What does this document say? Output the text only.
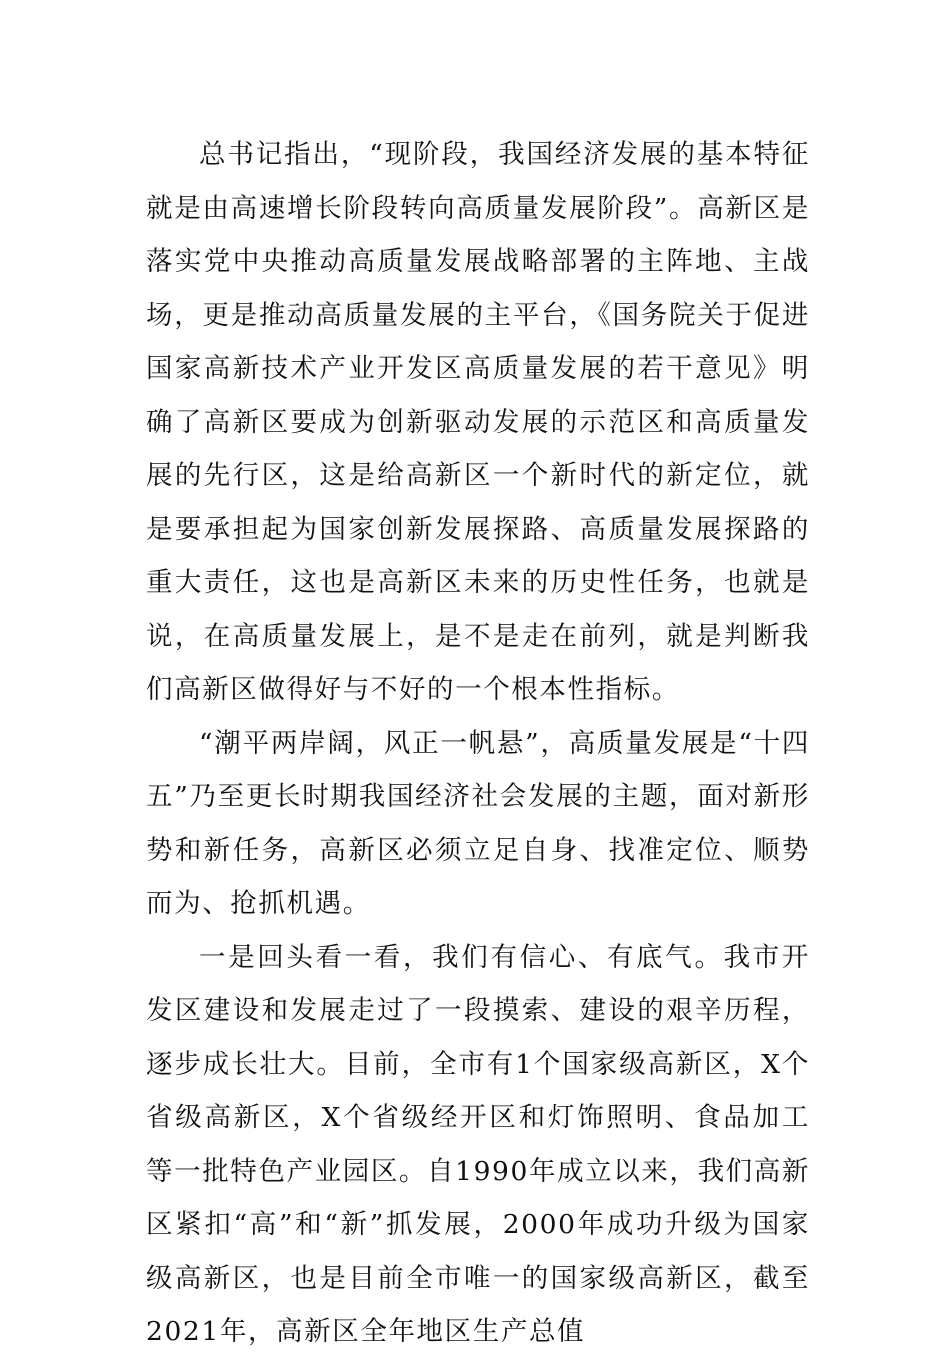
总书记指出，“现阶段，我国经济发展的基本特征就是由高速增长阶段转向高质量发展阶段”。高新区是落实党中央推动高质量发展战略部署的主阵地、主战场，更是推动高质量发展的主平台，《国务院关于促进国家高新技术产业开发区高质量发展的若干意见》明确了高新区要成为创新驱动发展的示范区和高质量发展的先行区，这是给高新区一个新时代的新定位，就是要承担起为国家创新发展探路、高质量发展探路的重大责任，这也是高新区未来的历史性任务，也就是说，在高质量发展上，是不是走在前列，就是判断我们高新区做得好与不好的一个根本性指标。

“潮平两岸阔，风正一帆悬”，高质量发展是“十四五”乃至更长时期我国经济社会发展的主题，面对新形势和新任务，高新区必须立足自身、找准定位、顺势而为、抢抓机遇。

一是回头看一看，我们有信心、有底气。我市开发区建设和发展走过了一段摸索、建设的艰辛历程，逐步成长壮大。目前，全市有1个国家级高新区，X个省级高新区，X个省级经开区和灯饰照明、食品加工等一批特色产业园区。自1990年成立以来，我们高新区紧扣“高”和“新”抓发展，2000年成功升级为国家级高新区，也是目前全市唯一的国家级高新区，截至2021年，高新区全年地区生产总值
